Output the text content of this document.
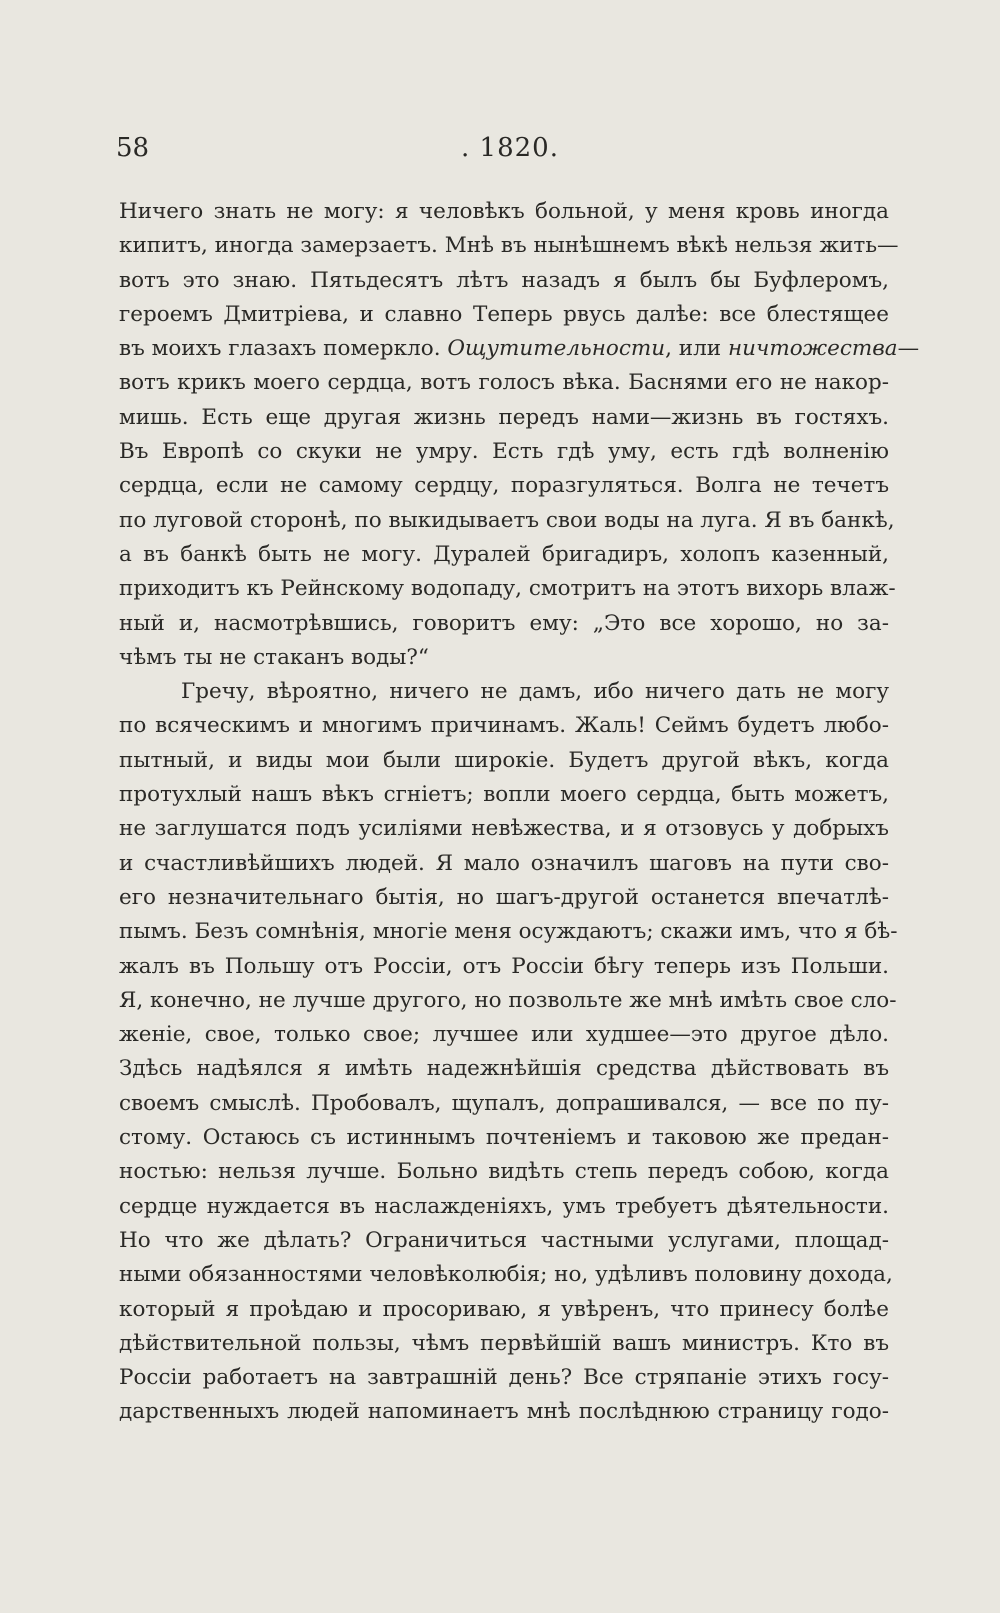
58	. 1820.
Ничего знать не могу: я человѣкъ больной, у меня кровь иногда
кипитъ, иногда замерзаетъ. Мнѣ въ нынѣшнемъ вѣкѣ нельзя жить—
вотъ это знаю. Пятьдесятъ лѣтъ назадъ я былъ бы Буфлеромъ,
героемъ Дмитріева, и славно Теперь рвусь далѣе: все блестящее
въ моихъ глазахъ померкло. Ощутительности, или ничтожества—
вотъ крикъ моего сердца, вотъ голосъ вѣка. Баснями его не накор-
мишь. Есть еще другая жизнь передъ нами—жизнь въ гостяхъ.
Въ Европѣ со скуки не умру. Есть гдѣ уму, есть гдѣ волненію
сердца, если не самому сердцу, поразгуляться. Волга не течетъ
по луговой сторонѣ, по выкидываетъ свои воды на луга. Я въ банкѣ,
а въ банкѣ быть не могу. Дуралей бригадиръ, холопъ казенный,
приходитъ къ Рейнскому водопаду, смотритъ на этотъ вихорь влаж-
ный и, насмотрѣвшись, говоритъ ему: „Это все хорошо, но за-
чѣмъ ты не стаканъ воды?“
Гречу, вѣроятно, ничего не дамъ, ибо ничего дать не могу
по всяческимъ и многимъ причинамъ. Жаль! Сеймъ будетъ любо-
пытный, и виды мои были широкіе. Будетъ другой вѣкъ, когда
протухлый нашъ вѣкъ сгніетъ; вопли моего сердца, быть можетъ,
не заглушатся подъ усиліями невѣжества, и я отзовусь у добрыхъ
и счастливѣйшихъ людей. Я мало означилъ шаговъ на пути сво-
его незначительнаго бытія, но шагъ-другой останется впечатлѣ-
пымъ. Безъ сомнѣнія, многіе меня осуждаютъ; скажи имъ, что я бѣ-
жалъ въ Польшу отъ Россіи, отъ Россіи бѣгу теперь изъ Польши.
Я, конечно, не лучше другого, но позвольте же мнѣ имѣть свое сло-
женіе, свое, только свое; лучшее или худшее—это другое дѣло.
Здѣсь надѣялся я имѣть надежнѣйшія средства дѣйствовать въ
своемъ смыслѣ. Пробовалъ, щупалъ, допрашивался, — все по пу-
стому. Остаюсь съ истиннымъ почтеніемъ и таковою же предан-
ностью: нельзя лучше. Больно видѣть степь передъ собою, когда
сердце нуждается въ наслажденіяхъ, умъ требуетъ дѣятельности.
Но что же дѣлать? Ограничиться частными услугами, площад-
ными обязанностями человѣколюбія; но, удѣливъ половину дохода,
который я проѣдаю и просориваю, я увѣренъ, что принесу болѣе
дѣйствительной пользы, чѣмъ первѣйшій вашъ министръ. Кто въ
Россіи работаетъ на завтрашній день? Все стряпаніе этихъ госу-
дарственныхъ людей напоминаетъ мнѣ послѣднюю страницу годо-
